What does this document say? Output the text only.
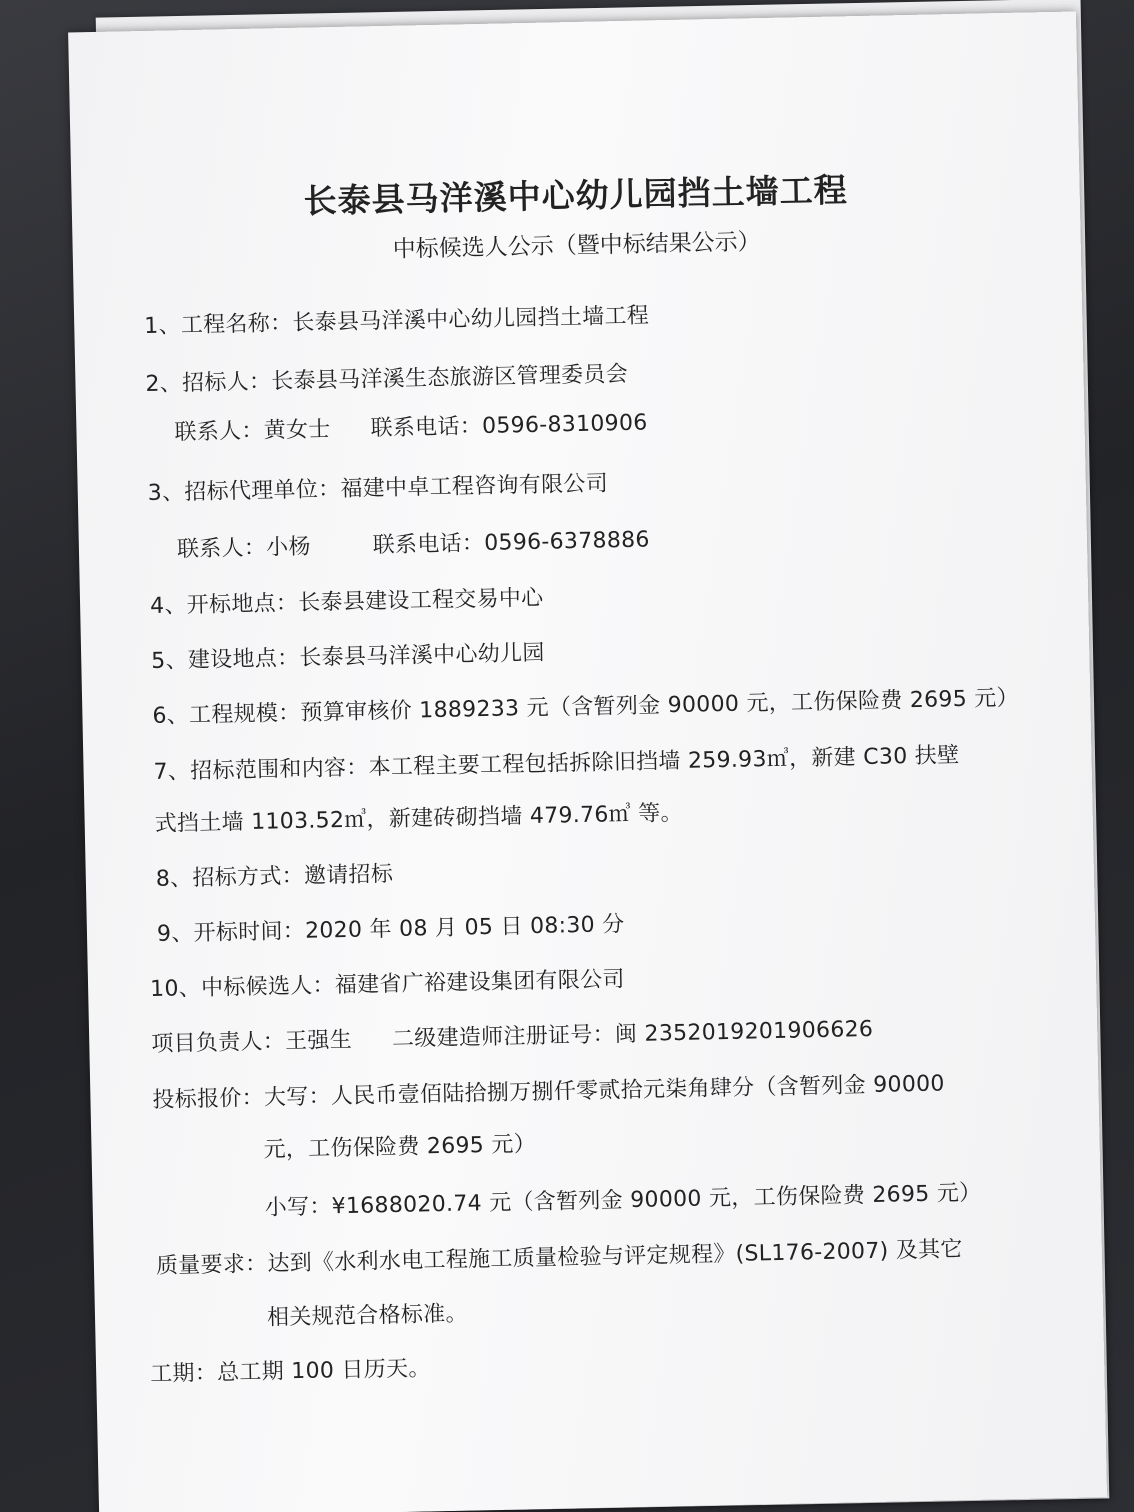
长泰县马洋溪中心幼儿园挡土墙工程
中标候选人公示（暨中标结果公示）
1、工程名称：长泰县马洋溪中心幼儿园挡土墙工程
2、招标人：长泰县马洋溪生态旅游区管理委员会
联系人：黄女士 联系电话：0596-8310906
3、招标代理单位：福建中卓工程咨询有限公司
联系人：小杨	联系电话：0596-6378886
4、开标地点：长泰县建设工程交易中心
5、建设地点：长泰县马洋溪中心幼儿园
6、工程规模：预算审核价 1889233 元（含暂列金 90000 元，工伤保险费 2695 元）
7、招标范围和内容：本工程主要工程包括拆除旧挡墙 259.93㎥，新建 C30 扶壁
式挡土墙 1103.52㎥，新建砖砌挡墙 479.76㎥ 等。
8、招标方式：邀请招标
9、开标时间：2020 年 08 月 05 日 08:30 分
10、中标候选人：福建省广裕建设集团有限公司
项目负责人：王强生 二级建造师注册证号：闽 2352019201906626
投标报价：大写：人民币壹佰陆拾捌万捌仟零贰拾元柒角肆分（含暂列金 90000
元，工伤保险费 2695 元）
小写：¥1688020.74 元（含暂列金 90000 元，工伤保险费 2695 元）
质量要求：达到《水利水电工程施工质量检验与评定规程》(SL176-2007) 及其它
相关规范合格标准。
工期：总工期 100 日历天。
